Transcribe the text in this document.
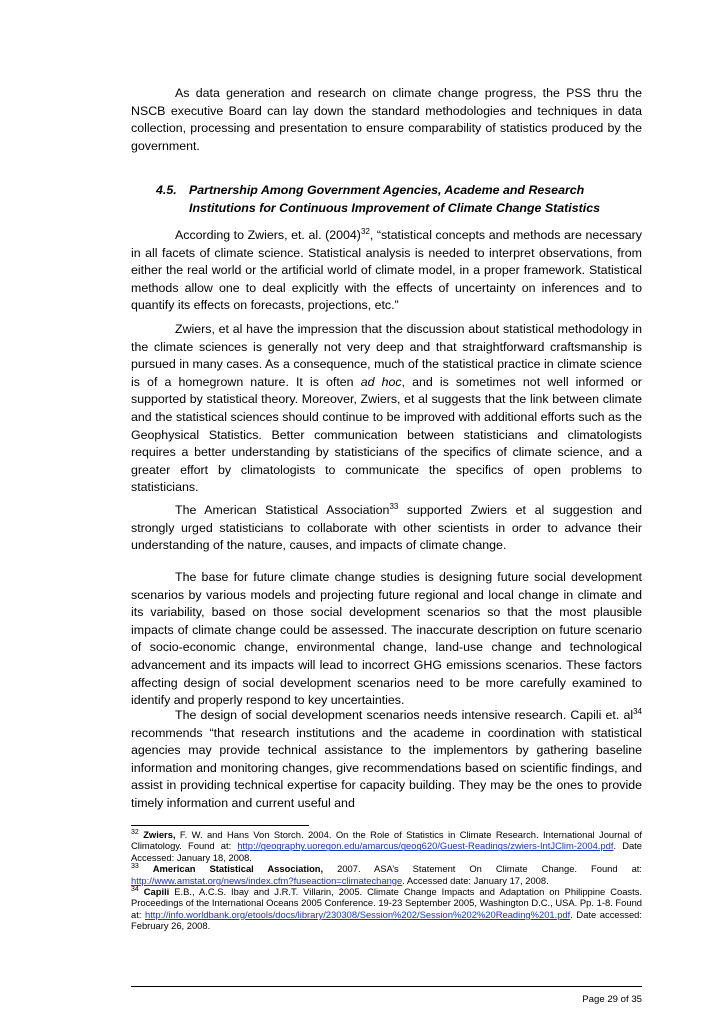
As data generation and research on climate change progress, the PSS thru the NSCB executive Board can lay down the standard methodologies and techniques in data collection, processing and presentation to ensure comparability of statistics produced by the government.

4.5. Partnership Among Government Agencies, Academe and Research
Institutions for Continuous Improvement of Climate Change Statistics

According to Zwiers, et. al. $(2004)^{32}$, “statistical concepts and methods are necessary in all facets of climate science. Statistical analysis is needed to interpret observations, from either the real world or the artificial world of climate model, in a proper framework. Statistical methods allow one to deal explicitly with the effects of uncertainty on inferences and to quantify its effects on forecasts, projections, etc.”

Zwiers, et al have the impression that the discussion about statistical methodology in the climate sciences is generally not very deep and that straightforward craftsmanship is pursued in many cases. As a consequence, much of the statistical practice in climate science is of a homegrown nature. It is often ad hoc, and is sometimes not well informed or supported by statistical theory. Moreover, Zwiers, et al suggests that the link between climate and the statistical sciences should continue to be improved with additional efforts such as the Geophysical Statistics. Better communication between statisticians and climatologists requires a better understanding by statisticians of the specifics of climate science, and a greater effort by climatologists to communicate the specifics of open problems to statisticians.

The American Statistical Association$^{33}$ supported Zwiers et al suggestion and strongly urged statisticians to collaborate with other scientists in order to advance their understanding of the nature, causes, and impacts of climate change.

The base for future climate change studies is designing future social development scenarios by various models and projecting future regional and local change in climate and its variability, based on those social development scenarios so that the most plausible impacts of climate change could be assessed. The inaccurate description on future scenario of socio-economic change, environmental change, land-use change and technological advancement and its impacts will lead to incorrect GHG emissions scenarios. These factors affecting design of social development scenarios need to be more carefully examined to identify and properly respond to key uncertainties.

The design of social development scenarios needs intensive research. Capili et. $al^{34}$ recommends “that research institutions and the academe in coordination with statistical agencies may provide technical assistance to the implementors by gathering baseline information and monitoring changes, give recommendations based on scientific findings, and assist in providing technical expertise for capacity building. They may be the ones to provide timely information and current useful and

$^{32}$ Zwiers, F. W. and Hans Von Storch. 2004. On the Role of Statistics in Climate Research. International Journal of Climatology. Found at: http://geography.uoregon.edu/amarcus/geog620/Guest-Readings/zwiers-IntJClim-2004.pdf. Date Accessed: January 18, 2008.

$^{33}$ American Statistical Association, 2007. ASA’s Statement On Climate Change. Found at: http://www.amstat.org/news/index.cfm?fuseaction=climatechange. Accessed date: January 17, 2008.

$^{34}$ Capili E.B., A.C.S. Ibay and J.R.T. Villarin, 2005. Climate Change Impacts and Adaptation on Philippine Coasts. Proceedings of the International Oceans 2005 Conference. 19-23 September 2005, Washington D.C., USA. Pp. 1-8. Found at: http://info.worldbank.org/etools/docs/library/230308/Session%202/Session%202%20Reading%201.pdf. Date accessed: February 26, 2008.

Page 29 of 35
